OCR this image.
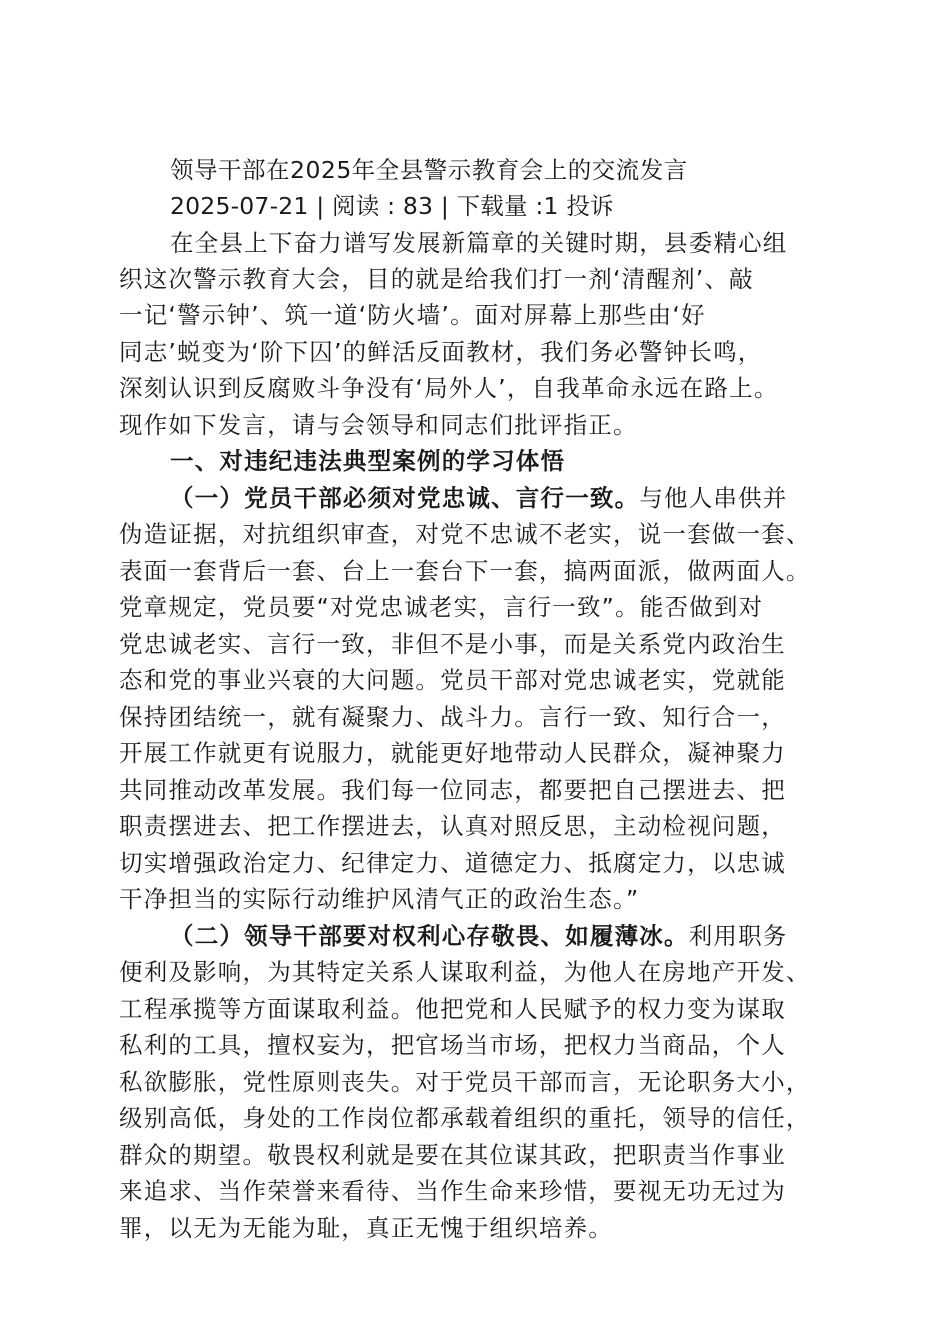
领导干部在2025年全县警示教育会上的交流发言
2025-07-21 | 阅读 : 83 | 下载量 :1 投诉
在全县上下奋力谱写发展新篇章的关键时期，县委精心组
织这次警示教育大会，目的就是给我们打一剂‘清醒剂’、敲
一记‘警示钟’、筑一道‘防火墙’。面对屏幕上那些由‘好
同志’蜕变为‘阶下囚’的鲜活反面教材，我们务必警钟长鸣，
深刻认识到反腐败斗争没有‘局外人’，自我革命永远在路上。
现作如下发言，请与会领导和同志们批评指正。
一、对违纪违法典型案例的学习体悟
（一）党员干部必须对党忠诚、言行一致。与他人串供并
伪造证据，对抗组织审查，对党不忠诚不老实，说一套做一套、
表面一套背后一套、台上一套台下一套，搞两面派，做两面人。
党章规定，党员要“对党忠诚老实，言行一致”。能否做到对
党忠诚老实、言行一致，非但不是小事，而是关系党内政治生
态和党的事业兴衰的大问题。党员干部对党忠诚老实，党就能
保持团结统一，就有凝聚力、战斗力。言行一致、知行合一，
开展工作就更有说服力，就能更好地带动人民群众，凝神聚力
共同推动改革发展。我们每一位同志，都要把自己摆进去、把
职责摆进去、把工作摆进去，认真对照反思，主动检视问题，
切实增强政治定力、纪律定力、道德定力、抵腐定力，以忠诚
干净担当的实际行动维护风清气正的政治生态。”
（二）领导干部要对权利心存敬畏、如履薄冰。利用职务
便利及影响，为其特定关系人谋取利益，为他人在房地产开发、
工程承揽等方面谋取利益。他把党和人民赋予的权力变为谋取
私利的工具，擅权妄为，把官场当市场，把权力当商品，个人
私欲膨胀，党性原则丧失。对于党员干部而言，无论职务大小，
级别高低，身处的工作岗位都承载着组织的重托，领导的信任，
群众的期望。敬畏权利就是要在其位谋其政，把职责当作事业
来追求、当作荣誉来看待、当作生命来珍惜，要视无功无过为
罪，以无为无能为耻，真正无愧于组织培养。
